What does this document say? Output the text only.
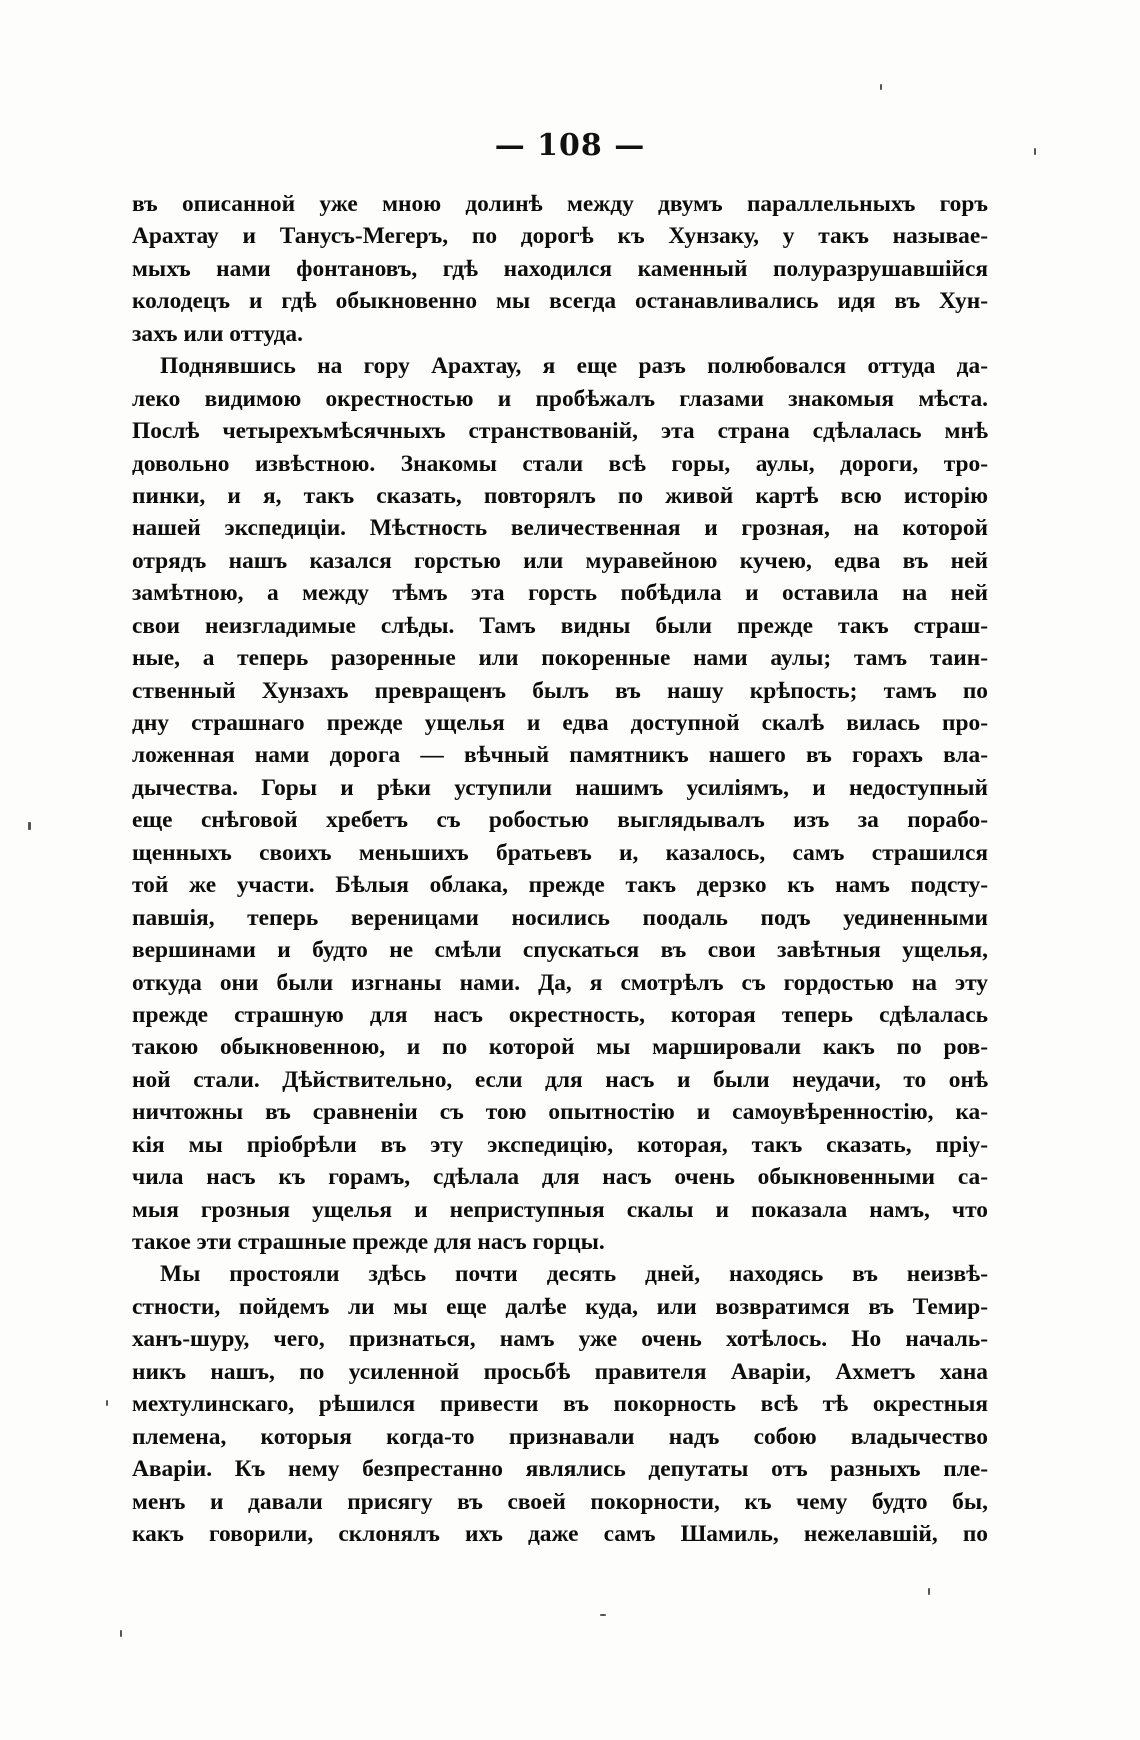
— 108 —
въ описанной уже мною долинѣ между двумъ параллельныхъ горъ
Арахтау и Танусъ-Мегеръ, по дорогѣ къ Хунзаку, у такъ называе-
мыхъ нами фонтановъ, гдѣ находился каменный полуразрушавшійся
колодецъ и гдѣ обыкновенно мы всегда останавливались идя въ Хун-
захъ или оттуда.
Поднявшись на гору Арахтау, я еще разъ полюбовался оттуда да-
леко видимою окрестностью и пробѣжалъ глазами знакомыя мѣста.
Послѣ четырехъмѣсячныхъ странствованій, эта страна сдѣлалась мнѣ
довольно извѣстною. Знакомы стали всѣ горы, аулы, дороги, тро-
пинки, и я, такъ сказать, повторялъ по живой картѣ всю исторію
нашей экспедиціи. Мѣстность величественная и грозная, на которой
отрядъ нашъ казался горстью или муравейною кучею, едва въ ней
замѣтною, а между тѣмъ эта горсть побѣдила и оставила на ней
свои неизгладимые слѣды. Тамъ видны были прежде такъ страш-
ные, а теперь разоренные или покоренные нами аулы; тамъ таин-
ственный Хунзахъ превращенъ былъ въ нашу крѣпость; тамъ по
дну страшнаго прежде ущелья и едва доступной скалѣ вилась про-
ложенная нами дорога — вѣчный памятникъ нашего въ горахъ вла-
дычества. Горы и рѣки уступили нашимъ усиліямъ, и недоступный
еще снѣговой хребетъ съ робостью выглядывалъ изъ за порабо-
щенныхъ своихъ меньшихъ братьевъ и, казалось, самъ страшился
той же участи. Бѣлыя облака, прежде такъ дерзко къ намъ подсту-
павшія, теперь вереницами носились поодаль подъ уединенными
вершинами и будто не смѣли спускаться въ свои завѣтныя ущелья,
откуда они были изгнаны нами. Да, я смотрѣлъ съ гордостью на эту
прежде страшную для насъ окрестность, которая теперь сдѣлалась
такою обыкновенною, и по которой мы маршировали какъ по ров-
ной стали. Дѣйствительно, если для насъ и были неудачи, то онѣ
ничтожны въ сравненіи съ тою опытностію и самоувѣренностію, ка-
кія мы пріобрѣли въ эту экспедицію, которая, такъ сказать, пріу-
чила насъ къ горамъ, сдѣлала для насъ очень обыкновенными са-
мыя грозныя ущелья и неприступныя скалы и показала намъ, что
такое эти страшные прежде для насъ горцы.
Мы простояли здѣсь почти десять дней, находясь въ неизвѣ-
стности, пойдемъ ли мы еще далѣе куда, или возвратимся въ Темир-
ханъ-шуру, чего, признаться, намъ уже очень хотѣлось. Но началь-
никъ нашъ, по усиленной просьбѣ правителя Аваріи, Ахметъ хана
мехтулинскаго, рѣшился привести въ покорность всѣ тѣ окрестныя
племена, которыя когда-то признавали надъ собою владычество
Аваріи. Къ нему безпрестанно являлись депутаты отъ разныхъ пле-
менъ и давали присягу въ своей покорности, къ чему будто бы,
какъ говорили, склонялъ ихъ даже самъ Шамиль, нежелавшій, по
